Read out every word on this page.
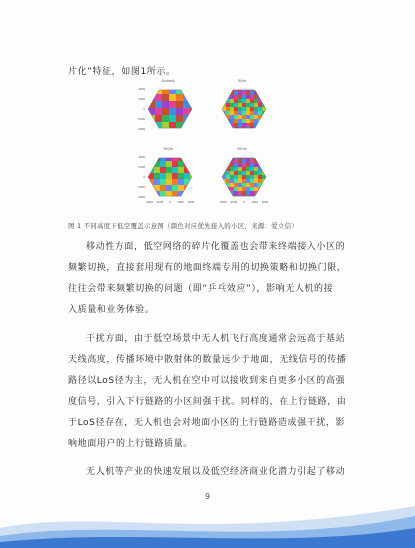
片化”特征，如图1所示。
4000
2000
0
-2000
-4000
Ground	50m
4000
2000
0
-2000
-4000
-4000 -2000 0 2000 4000
100m
-4000 -2000 0 2000 4000
300m
图 1 不同高度下低空覆盖示意图（颜色对应优先接入的小区，来源：爱立信）
移动性方面，低空网络的碎片化覆盖也会带来终端接入小区的
频繁切换，直接套用现有的地面终端专用的切换策略和切换门限，
往往会带来频繁切换的问题（即“乒乓效应”），影响无人机的接
入质量和业务体验。
干扰方面，由于低空场景中无人机飞行高度通常会远高于基站
天线高度，传播环境中散射体的数量远少于地面，无线信号的传播
路径以LoS径为主，无人机在空中可以接收到来自更多小区的高强
度信号，引入下行链路的小区间强干扰。同样的，在上行链路，由
于LoS径存在，无人机也会对地面小区的上行链路造成强干扰，影
响地面用户的上行链路质量。
无人机等产业的快速发展以及低空经济商业化潜力引起了移动
9
